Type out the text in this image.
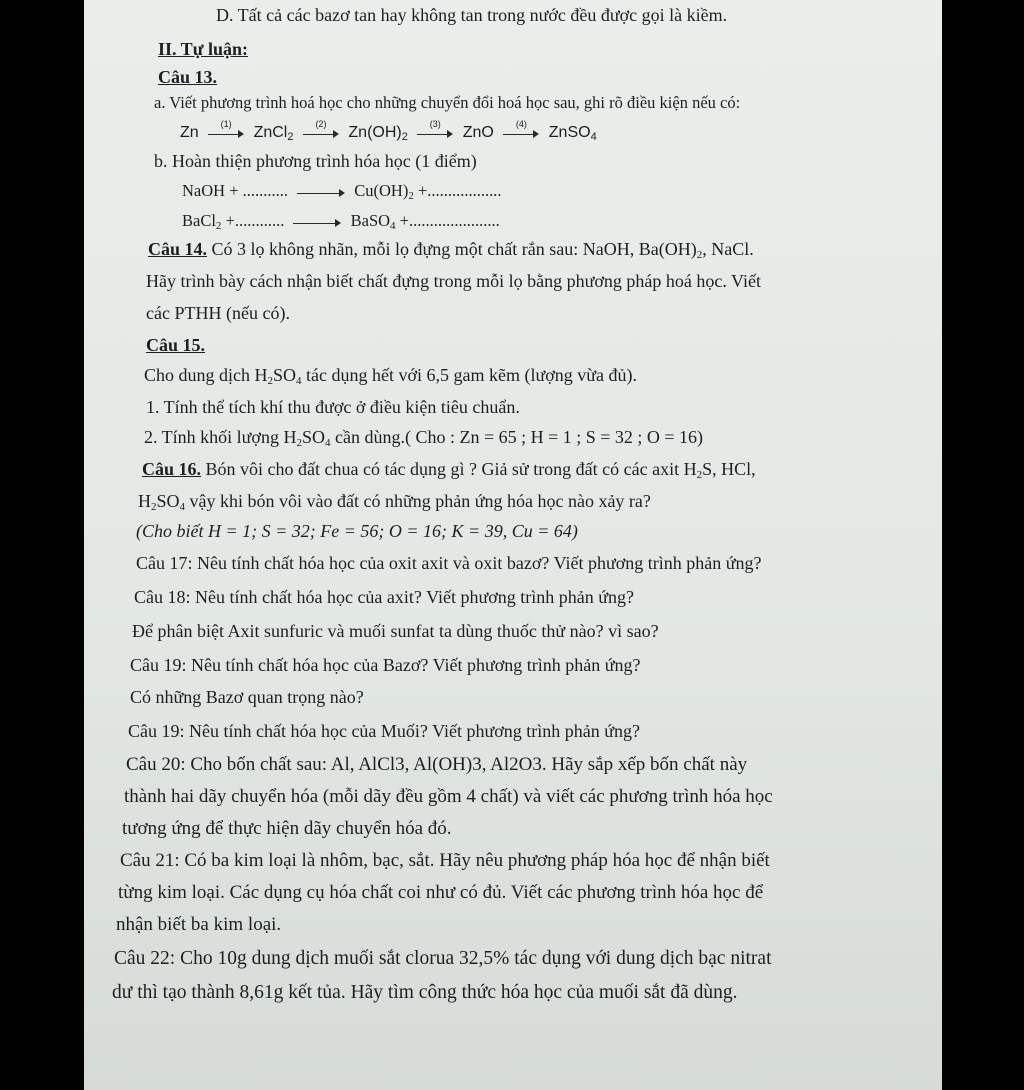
D. Tất cả các bazơ tan hay không tan trong nước đều được gọi là kiềm.
II. Tự luận:
Câu 13.
a. Viết phương trình hoá học cho những chuyển đổi hoá học sau, ghi rõ điều kiện nếu có:
Zn
(1)
ZnCl$_2$
(2)
$Zn(OH)_2$
(3)
ZnO
(4)
ZnSO$_4$
b. Hoàn thiện phương trình hóa học (1 điểm)
NaOH + ...........	$Cu(OH)_2$ +..................
BaCl$_2$ +............	BaSO$_4$ +......................
Câu 14. Có 3 lọ không nhãn, mỗi lọ đựng một chất rắn sau: NaOH, $Ba(OH)_2$, NaCl.
Hãy trình bày cách nhận biết chất đựng trong mỗi lọ bằng phương pháp hoá học. Viết
các PTHH (nếu có).
Câu 15.
Cho dung dịch $H_2SO_4$ tác dụng hết với 6,5 gam kẽm (lượng vừa đủ).
1. Tính thể tích khí thu được ở điều kiện tiêu chuẩn.
2. Tính khối lượng $H_2SO_4$ cần dùng.( Cho : Zn = 65 ; H = 1 ; S = 32 ; O = 16)
Câu 16. Bón vôi cho đất chua có tác dụng gì ? Giả sử trong đất có các axit $H_2S$, HCl,
$H_2SO_4$ vậy khi bón vôi vào đất có những phản ứng hóa học nào xảy ra?
(Cho biết H = 1; S = 32; Fe = 56; O = 16; K = 39, Cu = 64)
Câu 17: Nêu tính chất hóa học của oxit axit và oxit bazơ? Viết phương trình phản ứng?
Câu 18: Nêu tính chất hóa học của axit? Viết phương trình phản ứng?
Để phân biệt Axit sunfuric và muối sunfat ta dùng thuốc thử nào? vì sao?
Câu 19: Nêu tính chất hóa học của Bazơ? Viết phương trình phản ứng?
Có những Bazơ quan trọng nào?
Câu 19: Nêu tính chất hóa học của Muối? Viết phương trình phản ứng?
Câu 20: Cho bốn chất sau: Al, AlCl3, Al(OH)3, Al2O3. Hãy sắp xếp bốn chất này
thành hai dãy chuyển hóa (mỗi dãy đều gồm 4 chất) và viết các phương trình hóa học
tương ứng để thực hiện dãy chuyển hóa đó.
Câu 21: Có ba kim loại là nhôm, bạc, sắt. Hãy nêu phương pháp hóa học để nhận biết
từng kim loại. Các dụng cụ hóa chất coi như có đủ. Viết các phương trình hóa học để
nhận biết ba kim loại.
Câu 22: Cho 10g dung dịch muối sắt clorua 32,5% tác dụng với dung dịch bạc nitrat
dư thì tạo thành 8,61g kết tủa. Hãy tìm công thức hóa học của muối sắt đã dùng.
